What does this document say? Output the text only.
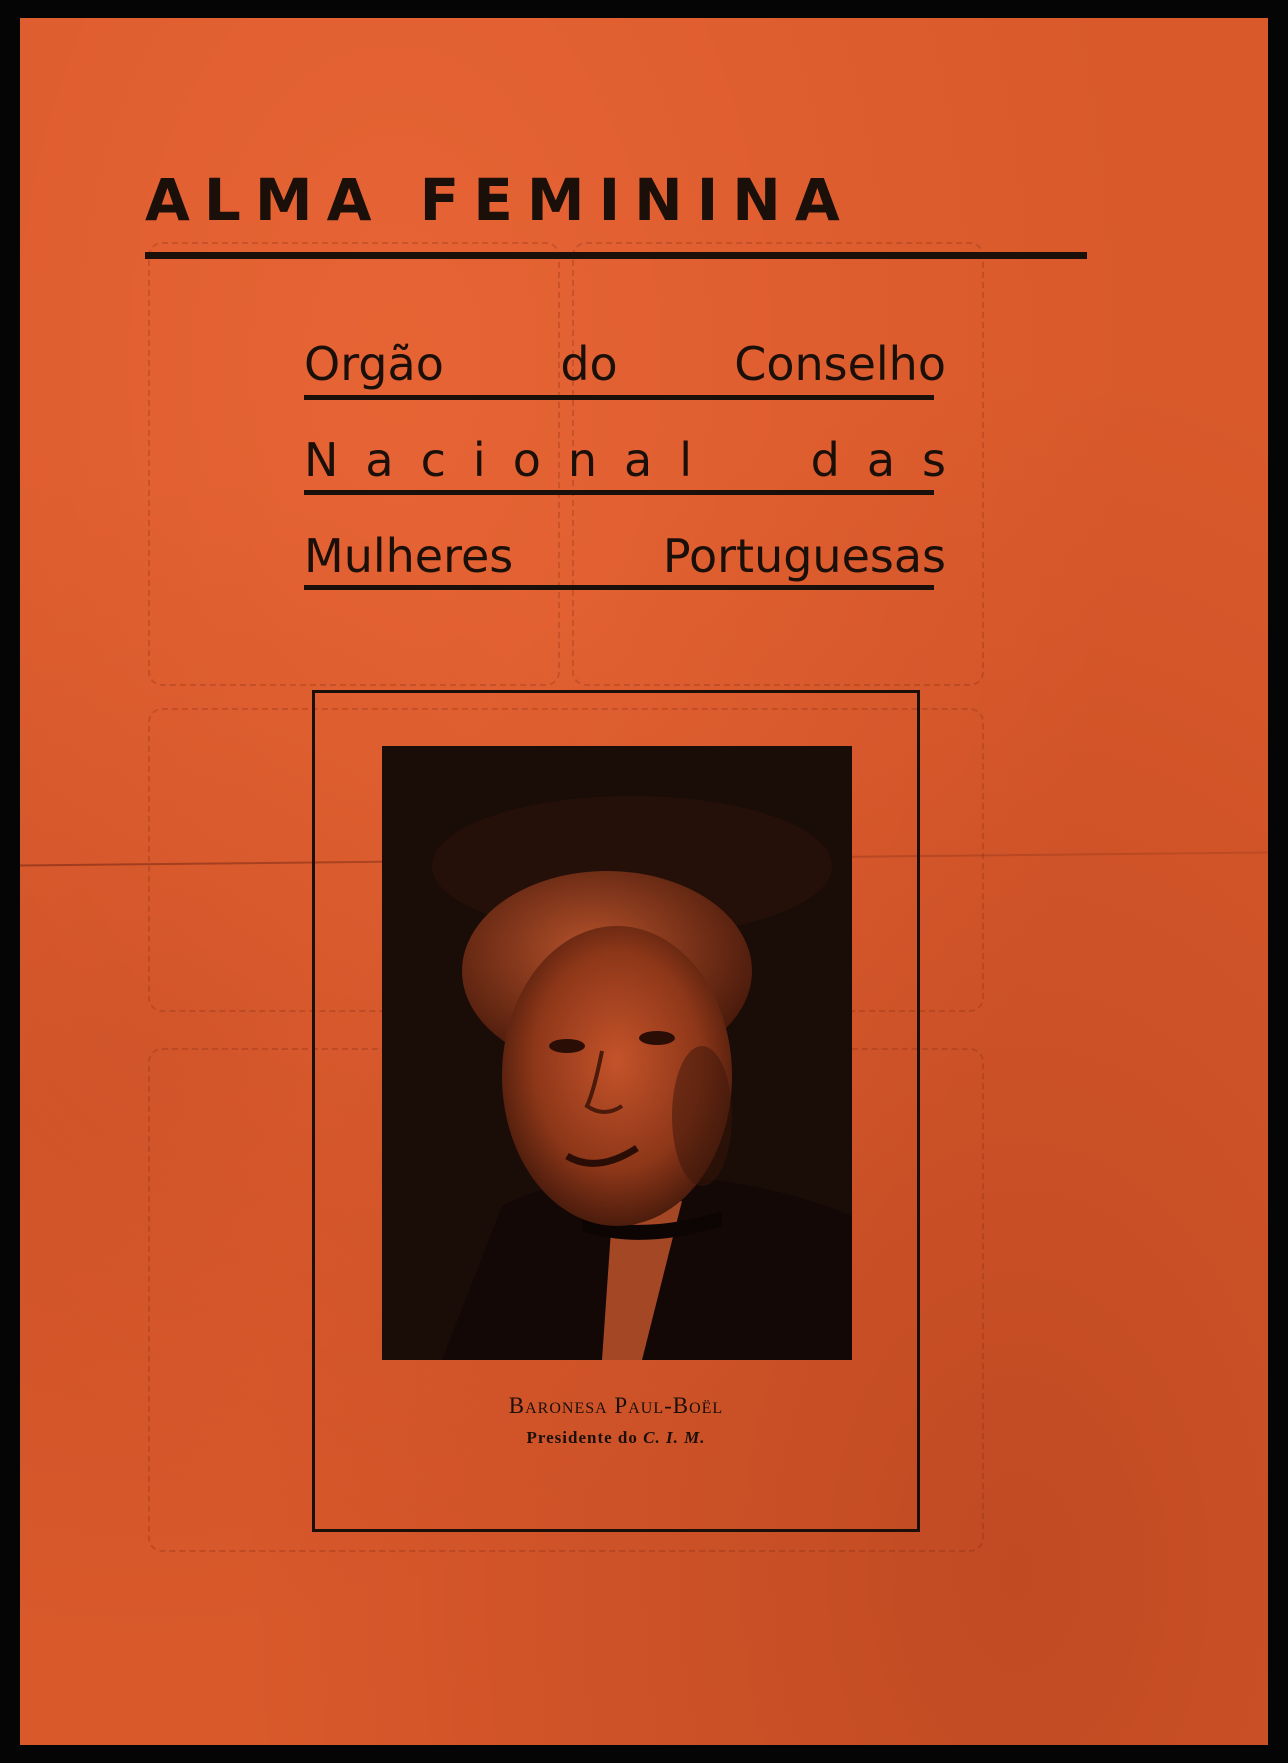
ALMA FEMININA
Orgão	do	Conselho
N a c i o n a l	d a s
Mulheres	Portuguesas
Baronesa Paul-Boël
Presidente do C. I. M.
